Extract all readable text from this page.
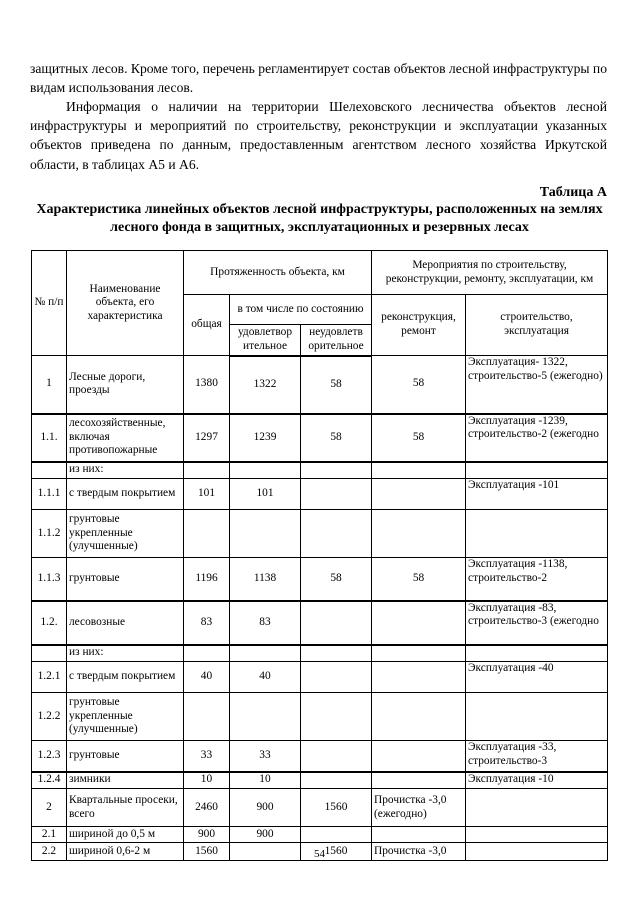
защитных лесов. Кроме того, перечень регламентирует состав объектов лесной инфраструктуры по видам использования лесов.

Информация о наличии на территории Шелеховского лесничества объектов лесной инфраструктуры и мероприятий по строительству, реконструкции и эксплуатации указанных объектов приведена по данным, предоставленным агентством лесного хозяйства Иркутской области, в таблицах А5 и А6.

Таблица А
Характеристика линейных объектов лесной инфраструктуры, расположенных на землях лесного фонда в защитных, эксплуатационных и резервных лесах
№ п/п	Наименование объекта, его характеристика	Протяженность объекта, км			Мероприятия по строительству, реконструкции, ремонту, эксплуатации, км	
		общая	в том числе по состоянию		реконструкция, ремонт	строительство, эксплуатация
			удовлетвор ительное	неудовлетв орительное		
1	Лесные дороги, проезды	1380	1322	58	58	Эксплуатация- 1322, строительство-5 (ежегодно)
1.1.	лесохозяйственные, включая противопожарные	1297	1239	58	58	Эксплуатация -1239, строительство-2 (ежегодно
	из них:					
1.1.1	с твердым покрытием	101	101			Эксплуатация -101
1.1.2	грунтовые укрепленные (улучшенные)					
1.1.3	грунтовые	1196	1138	58	58	Эксплуатация -1138, строительство-2
1.2.	лесовозные	83	83			Эксплуатация -83, строительство-3 (ежегодно
	из них:					
1.2.1	с твердым покрытием	40	40			Эксплуатация -40
1.2.2	грунтовые укрепленные (улучшенные)					
1.2.3	грунтовые	33	33			Эксплуатация -33, строительство-3
1.2.4	зимники	10	10			Эксплуатация -10
2	Квартальные просеки, всего	2460	900	1560	Прочистка -3,0 (ежегодно)	
2.1	шириной до 0,5 м	900	900			
2.2	шириной 0,6-2 м	1560		1560	Прочистка -3,0	
54
